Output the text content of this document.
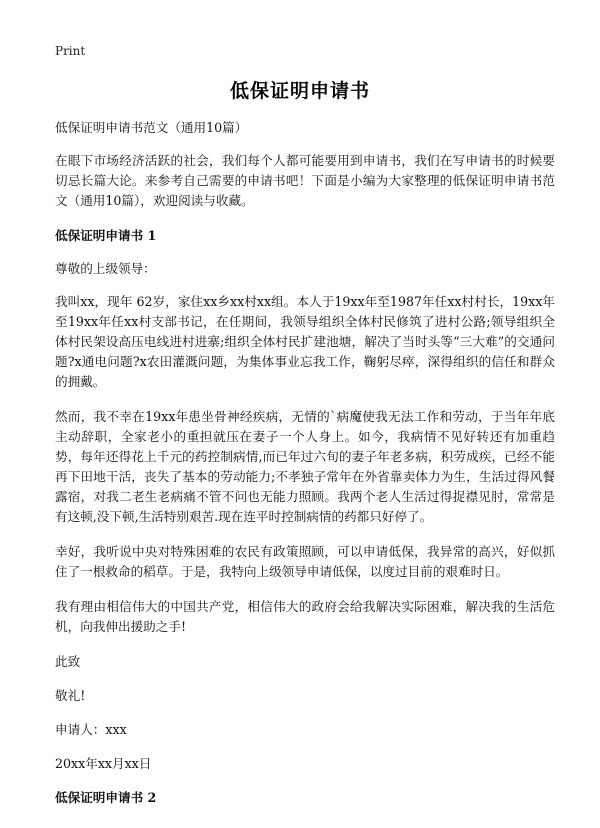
Print
低保证明申请书

低保证明申请书范文（通用10篇）

在眼下市场经济活跃的社会，我们每个人都可能要用到申请书，我们在写申请书的时候要切忌长篇大论。来参考自己需要的申请书吧！下面是小编为大家整理的低保证明申请书范文（通用10篇），欢迎阅读与收藏。

低保证明申请书 1

尊敬的上级领导：

我叫xx，现年 62岁，家住xx乡xx村xx组。本人于19xx年至1987年任xx村村长，19xx年至19xx年任xx村支部书记，在任期间，我领导组织全体村民修筑了进村公路;领导组织全体村民架设高压电线进村进寨;组织全体村民扩建池塘，解决了当时头等“三大难”的交通问题?x通电问题?x农田灌溉问题，为集体事业忘我工作，鞠躬尽瘁，深得组织的信任和群众的拥戴。

然而，我不幸在19xx年患坐骨神经疾病，无情的`病魔使我无法工作和劳动，于当年年底主动辞职，全家老小的重担就压在妻子一个人身上。如今，我病情不见好转还有加重趋势，每年还得花上千元的药控制病情,而已年过六旬的妻子年老多病，积劳成疾，已经不能再下田地干活，丧失了基本的劳动能力;不孝独子常年在外省靠卖体力为生，生活过得风餐露宿，对我二老生老病痛不管不问也无能力照顾。我两个老人生活过得捉襟见肘，常常是有这顿,没下顿,生活特别艰苦.现在连平时控制病情的药都只好停了。

幸好，我听说中央对特殊困难的农民有政策照顾，可以申请低保，我异常的高兴，好似抓住了一根救命的稻草。于是，我特向上级领导申请低保，以度过目前的艰难时日。

我有理由相信伟大的中国共产党，相信伟大的政府会给我解决实际困难，解决我的生活危机，向我伸出援助之手!

此致

敬礼!

申请人：xxx

20xx年xx月xx日

低保证明申请书 2
